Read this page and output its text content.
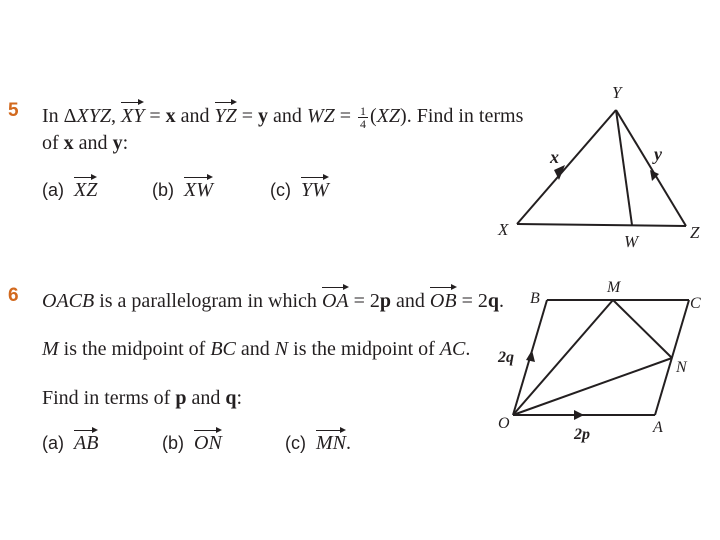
5 In ΔXYZ, XY = x and YZ = y and WZ = $\frac{1}{4} (XZ)$. Find in terms
of x and y:
(a) XZ	(b) XW	(c) YW
Y
X	Z
W
x	y
6 OACB is a parallelogram in which OA = 2p and OB = 2q.
M is the midpoint of BC and N is the midpoint of AC.
Find in terms of p and q:
(a) AB	(b) ON	(c) MN.
B
M
C
N
O	A
2p
2q
